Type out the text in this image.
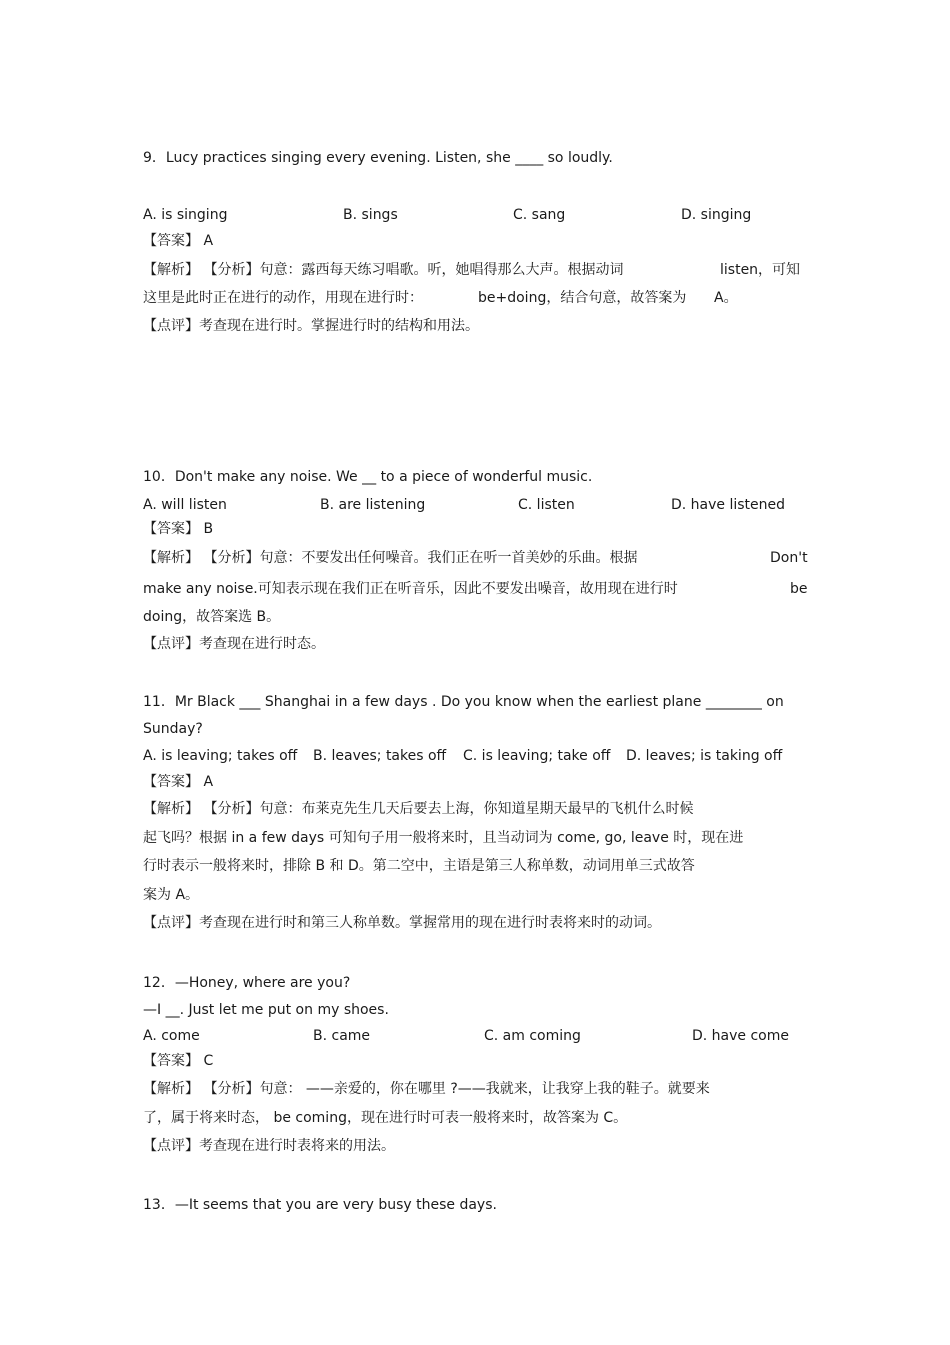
9．Lucy practices singing every evening. Listen, she ____ so loudly.
A. is singing	B. sings	C. sang	D. singing
【答案】 A
【解析】 【分析】句意：露西每天练习唱歌。听，她唱得那么大声。根据动词	listen，可知
这里是此时正在进行的动作，用现在进行时：	be+doing，结合句意，故答案为 A。
【点评】考查现在进行时。掌握进行时的结构和用法。
10．Don't make any noise. We __ to a piece of wonderful music.
A. will listen	B. are listening	C. listen	D. have listened
【答案】 B
【解析】 【分析】句意：不要发出任何噪音。我们正在听一首美妙的乐曲。根据	Don't
make any noise.可知表示现在我们正在听音乐，因此不要发出噪音，故用现在进行时	be
doing，故答案选 B。
【点评】考查现在进行时态。
11．Mr Black ___ Shanghai in a few days . Do you know when the earliest plane ________ on
Sunday?
A. is leaving; takes off B. leaves; takes off C. is leaving; take off D. leaves; is taking off
【答案】 A
【解析】 【分析】句意：布莱克先生几天后要去上海，你知道星期天最早的飞机什么时候
起飞吗？根据 in a few days 可知句子用一般将来时，且当动词为 come, go, leave 时，现在进
行时表示一般将来时，排除 B 和 D。第二空中，主语是第三人称单数，动词用单三式故答
案为 A。
【点评】考查现在进行时和第三人称单数。掌握常用的现在进行时表将来时的动词。
12．—Honey, where are you?
—I __. Just let me put on my shoes.
A. come	B. came	C. am coming	D. have come
【答案】 C
【解析】 【分析】句意： ——亲爱的，你在哪里 ?——我就来，让我穿上我的鞋子。就要来
了，属于将来时态， be coming，现在进行时可表一般将来时，故答案为 C。
【点评】考查现在进行时表将来的用法。
13．—It seems that you are very busy these days.
